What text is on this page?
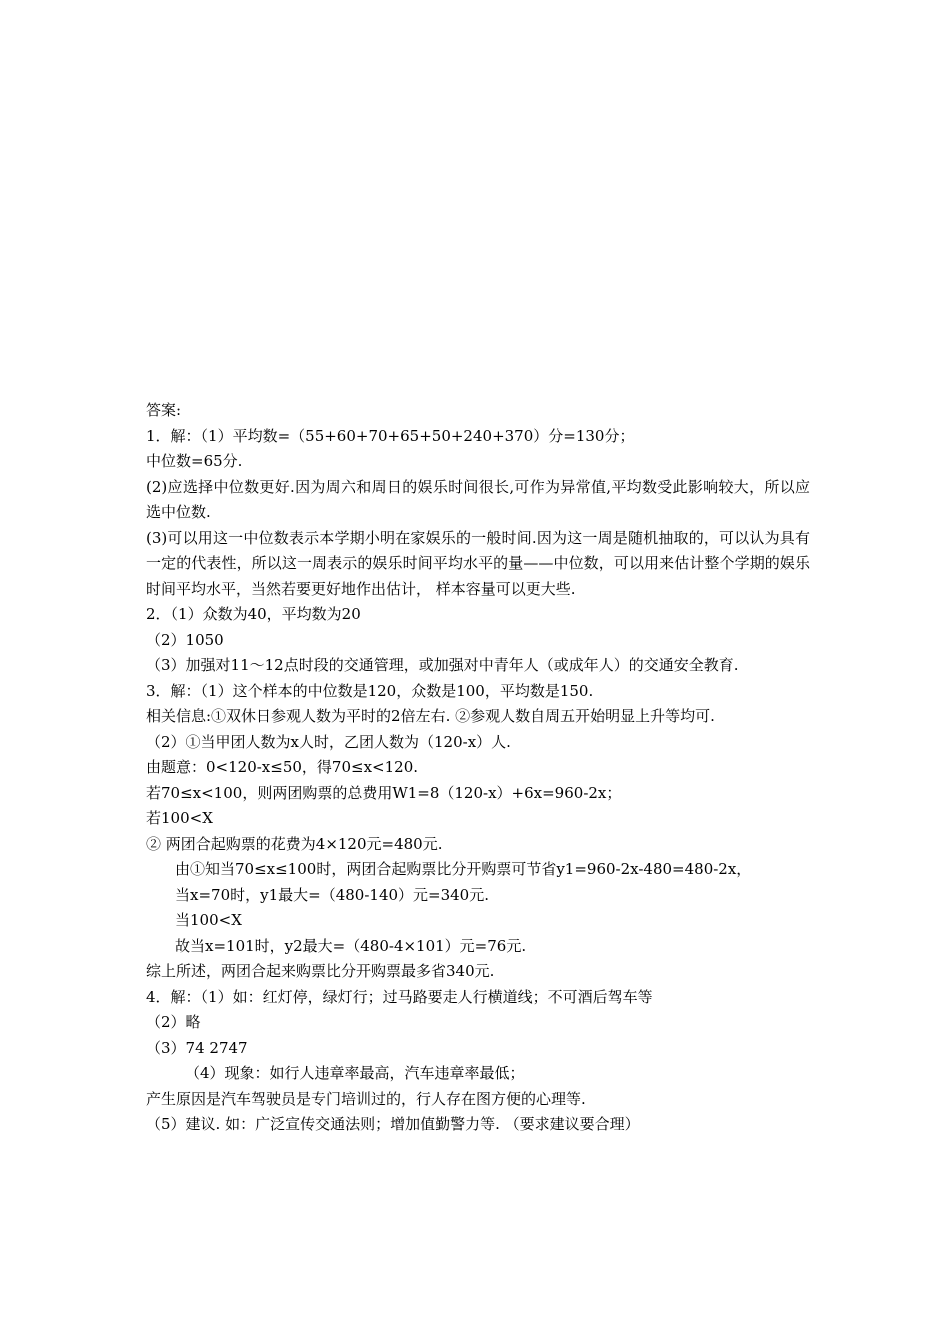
答案:

1．解：（1）平均数=（55+60+70+65+50+240+370）分=130分；

中位数=65分.

(2)应选择中位数更好.因为周六和周日的娱乐时间很长,可作为异常值,平均数受此影响较大，所以应选中位数.

(3)可以用这一中位数表示本学期小明在家娱乐的一般时间.因为这一周是随机抽取的，可以认为具有一定的代表性，所以这一周表示的娱乐时间平均水平的量——中位数，可以用来估计整个学期的娱乐时间平均水平，当然若要更好地作出估计， 样本容量可以更大些.

2．（1）众数为40，平均数为20

（2）1050

（3）加强对11～12点时段的交通管理，或加强对中青年人（或成年人）的交通安全教育.

3．解：（1）这个样本的中位数是120，众数是100，平均数是150.

相关信息:①双休日参观人数为平时的2倍左右. ②参观人数自周五开始明显上升等均可.

（2）①当甲团人数为x人时，乙团人数为（120-x）人.

由题意：0<120-x≤50，得70≤x<120.

若70≤x<100，则两团购票的总费用W1=8（120-x）+6x=960-2x；

若100<X

② 两团合起购票的花费为4×120元=480元.

由①知当70≤x≤100时，两团合起购票比分开购票可节省y1=960-2x-480=480-2x，

当x=70时，y1最大=（480-140）元=340元.

当100<X

故当x=101时，y2最大=（480-4×101）元=76元.

综上所述，两团合起来购票比分开购票最多省340元.

4．解：（1）如：红灯停，绿灯行；过马路要走人行横道线；不可酒后驾车等

（2）略

（3）74 2747

（4）现象：如行人违章率最高，汽车违章率最低；

产生原因是汽车驾驶员是专门培训过的，行人存在图方便的心理等.

（5）建议. 如：广泛宣传交通法则；增加值勤警力等. （要求建议要合理）
